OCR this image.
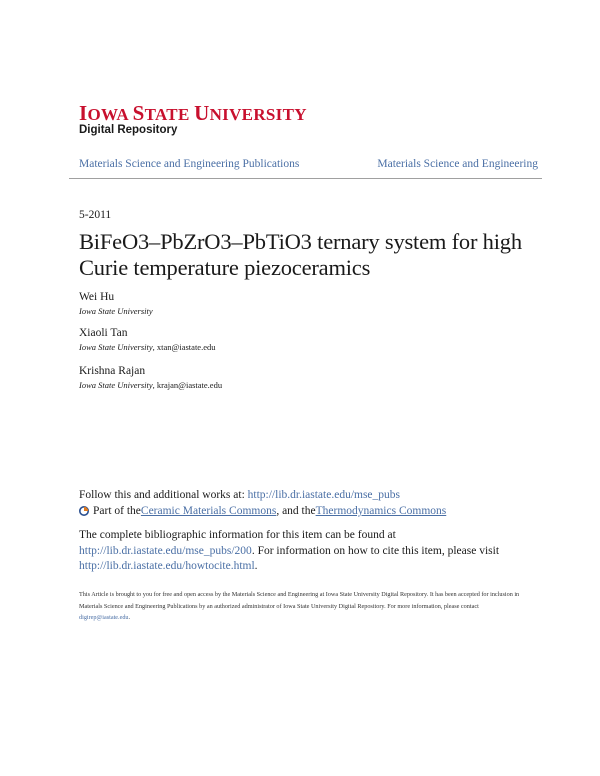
IOWA STATE UNIVERSITY
Digital Repository
Materials Science and Engineering Publications	Materials Science and Engineering
5-2011
BiFeO3–PbZrO3–PbTiO3 ternary system for high Curie temperature piezoceramics
Wei Hu
Iowa State University
Xiaoli Tan
Iowa State University, xtan@iastate.edu
Krishna Rajan
Iowa State University, krajan@iastate.edu
Follow this and additional works at: http://lib.dr.iastate.edu/mse_pubs
Part of the Ceramic Materials Commons , and the Thermodynamics Commons
The complete bibliographic information for this item can be found at http://lib.dr.iastate.edu/mse_pubs/200. For information on how to cite this item, please visit http://lib.dr.iastate.edu/howtocite.html.
This Article is brought to you for free and open access by the Materials Science and Engineering at Iowa State University Digital Repository. It has been accepted for inclusion in Materials Science and Engineering Publications by an authorized administrator of Iowa State University Digital Repository. For more information, please contact digirep@iastate.edu.
